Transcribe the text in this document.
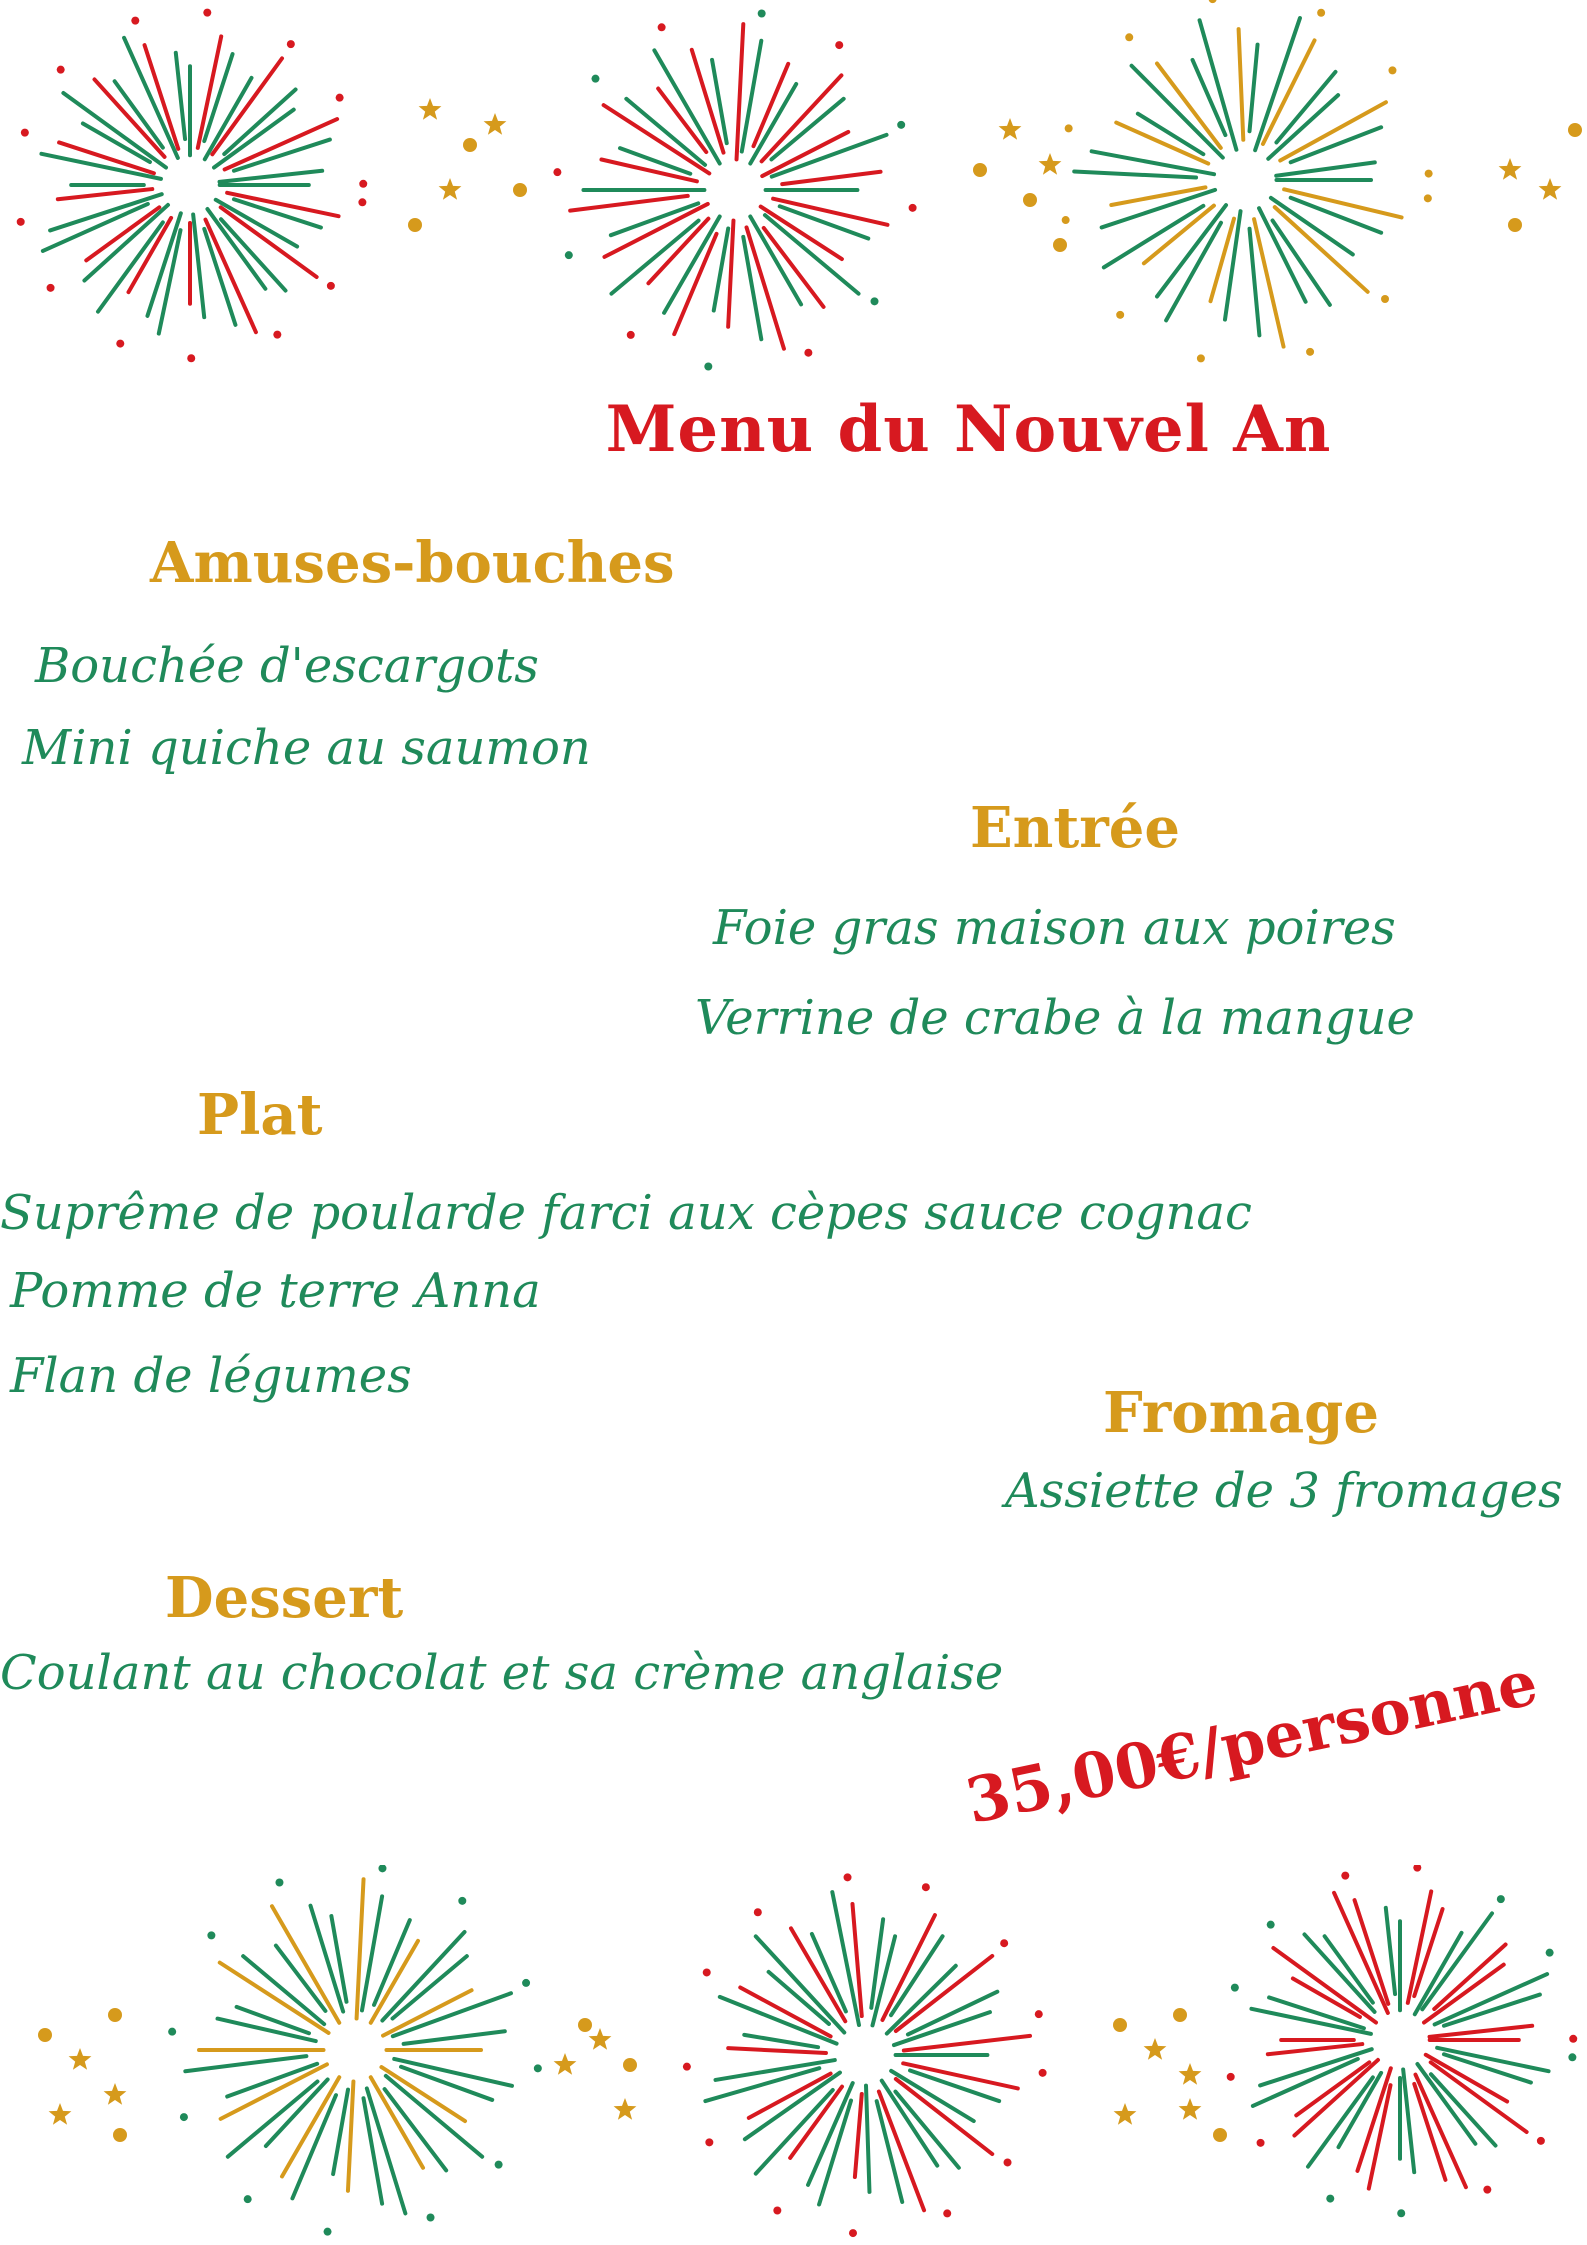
Menu du Nouvel An
Amuses-bouches
Bouchée d'escargots
Mini quiche au saumon
Entrée
Foie gras maison aux poires
Verrine de crabe à la mangue
Plat
Suprême de poularde farci aux cèpes sauce cognac
Pomme de terre Anna
Flan de légumes
Fromage
Assiette de 3 fromages
Dessert
Coulant au chocolat et sa crème anglaise
35,00€/personne
